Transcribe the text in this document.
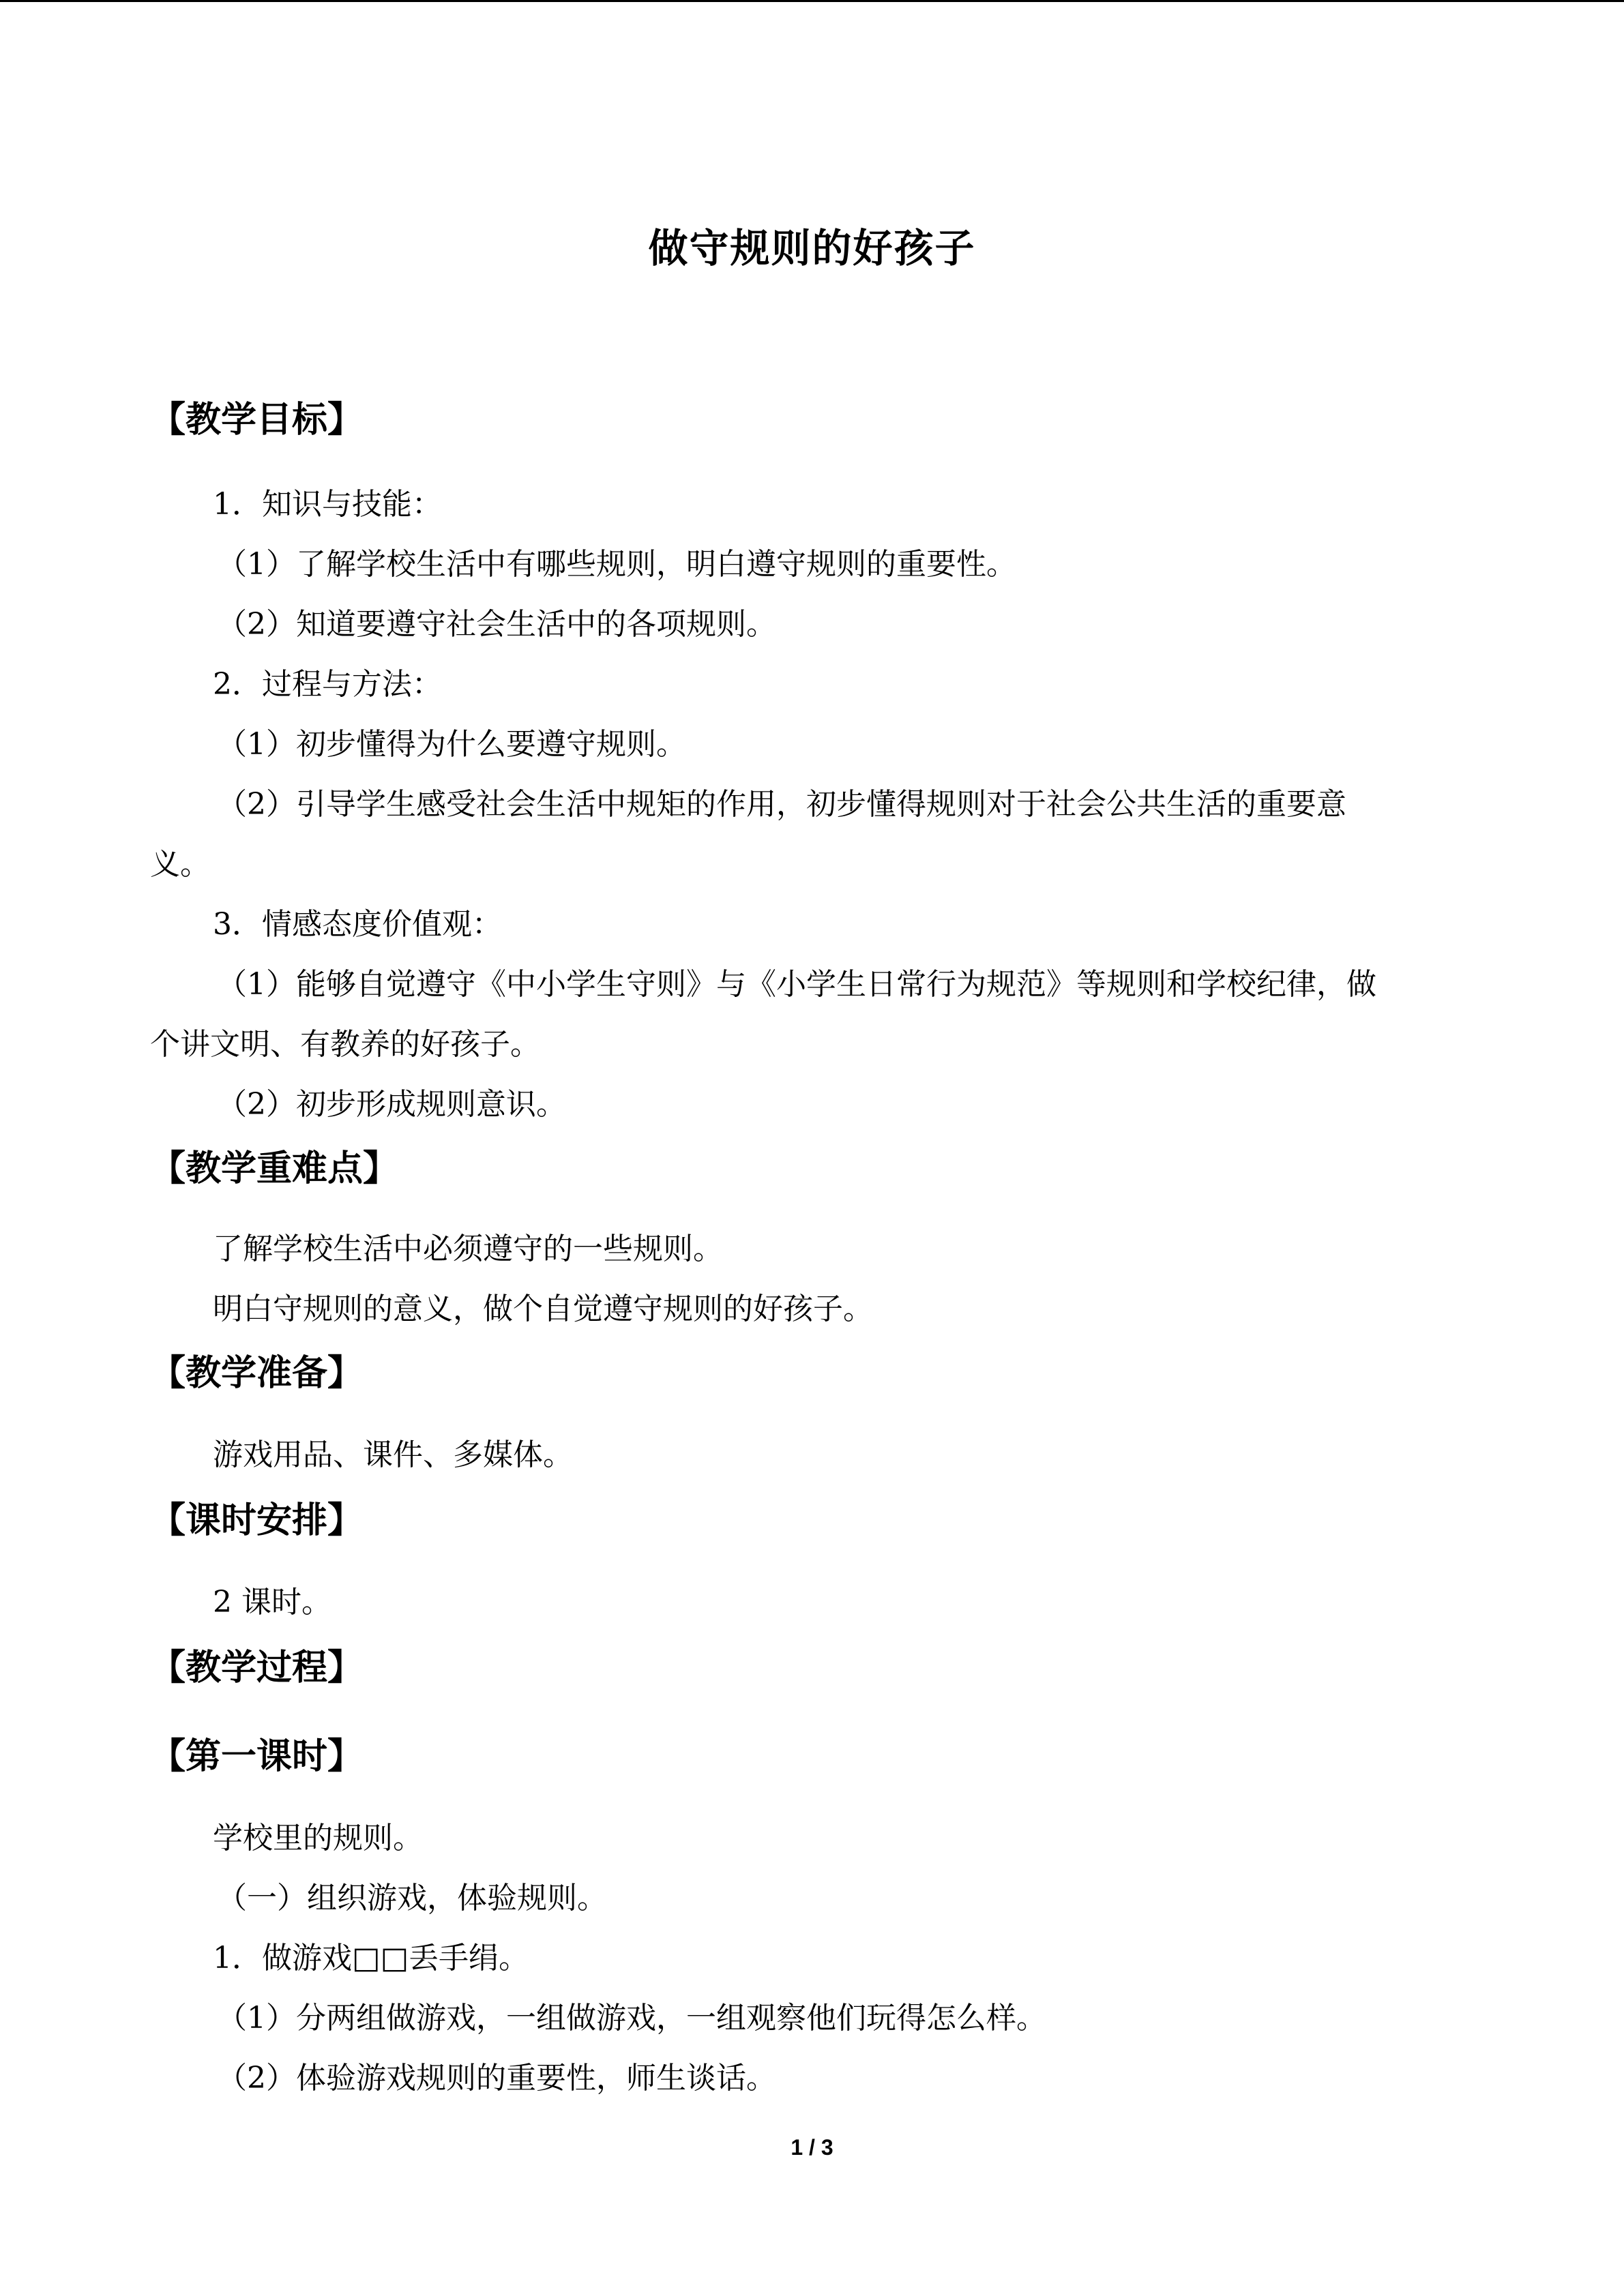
做守规则的好孩子
【教学目标】
1．知识与技能：
（1）了解学校生活中有哪些规则，明白遵守规则的重要性。
（2）知道要遵守社会生活中的各项规则。
2．过程与方法：
（1）初步懂得为什么要遵守规则。
（2）引导学生感受社会生活中规矩的作用，初步懂得规则对于社会公共生活的重要意
义。
3．情感态度价值观：
（1）能够自觉遵守《中小学生守则》与《小学生日常行为规范》等规则和学校纪律，做
个讲文明、有教养的好孩子。
（2）初步形成规则意识。
【教学重难点】
了解学校生活中必须遵守的一些规则。
明白守规则的意义，做个自觉遵守规则的好孩子。
【教学准备】
游戏用品、课件、多媒体。
【课时安排】
2 课时。
【教学过程】
【第一课时】
学校里的规则。
（一）组织游戏，体验规则。
1．做游戏□□丢手绢。
（1）分两组做游戏，一组做游戏，一组观察他们玩得怎么样。
（2）体验游戏规则的重要性，师生谈话。
1 / 3
